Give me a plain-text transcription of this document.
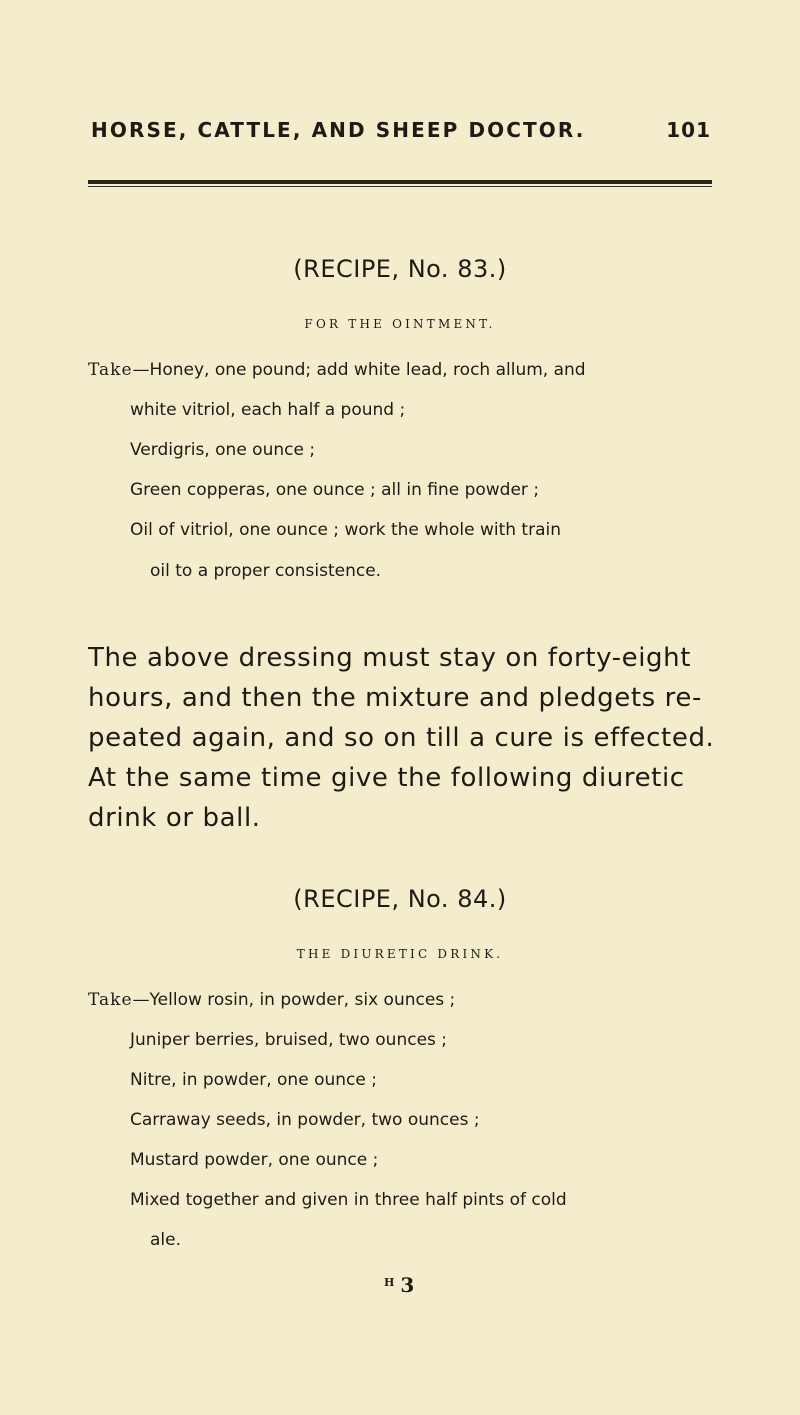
HORSE, CATTLE, AND SHEEP DOCTOR.	101
(RECIPE, No. 83.)
FOR THE OINTMENT.
Take—Honey, one pound; add white lead, roch allum, and
white vitriol, each half a pound ;
Verdigris, one ounce ;
Green copperas, one ounce ; all in fine powder ;
Oil of vitriol, one ounce ; work the whole with train
oil to a proper consistence.
The above dressing must stay on forty-eight
hours, and then the mixture and pledgets re-
peated again, and so on till a cure is effected.
At the same time give the following diuretic
drink or ball.
(RECIPE, No. 84.)
THE DIURETIC DRINK.
Take—Yellow rosin, in powder, six ounces ;
Juniper berries, bruised, two ounces ;
Nitre, in powder, one ounce ;
Carraway seeds, in powder, two ounces ;
Mustard powder, one ounce ;
Mixed together and given in three half pints of cold
ale.
$^H$ 3
